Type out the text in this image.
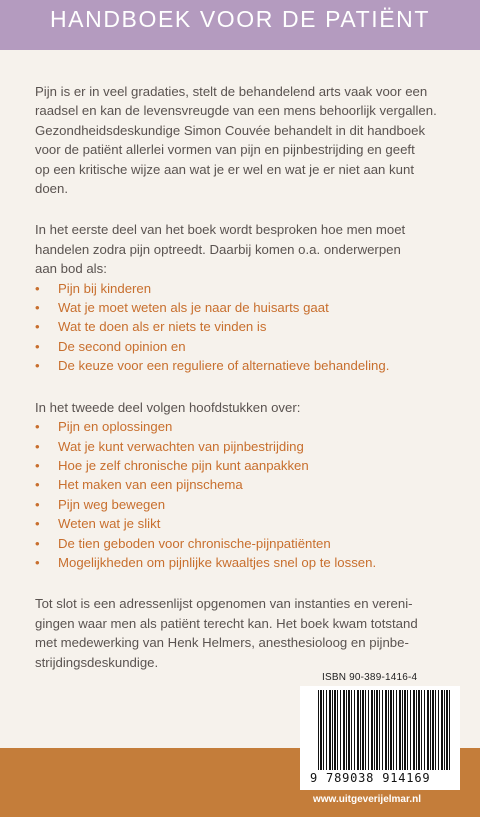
HANDBOEK VOOR DE PATIËNT
Pijn is er in veel gradaties, stelt de behandelend arts vaak voor een
raadsel en kan de levensvreugde van een mens behoorlijk vergallen.
Gezondheidsdeskundige Simon Couvée behandelt in dit handboek
voor de patiënt allerlei vormen van pijn en pijnbestrijding en geeft
op een kritische wijze aan wat je er wel en wat je er niet aan kunt
doen.
In het eerste deel van het boek wordt besproken hoe men moet
handelen zodra pijn optreedt. Daarbij komen o.a. onderwerpen
aan bod als:
• Pijn bij kinderen
• Wat je moet weten als je naar de huisarts gaat
• Wat te doen als er niets te vinden is
• De second opinion en
• De keuze voor een reguliere of alternatieve behandeling.
In het tweede deel volgen hoofdstukken over:
• Pijn en oplossingen
• Wat je kunt verwachten van pijnbestrijding
• Hoe je zelf chronische pijn kunt aanpakken
• Het maken van een pijnschema
• Pijn weg bewegen
• Weten wat je slikt
• De tien geboden voor chronische-pijnpatiënten
• Mogelijkheden om pijnlijke kwaaltjes snel op te lossen.
Tot slot is een adressenlijst opgenomen van instanties en vereni-
gingen waar men als patiënt terecht kan. Het boek kwam totstand
met medewerking van Henk Helmers, anesthesioloog en pijnbe-
strijdingsdeskundige.
ISBN 90-389-1416-4
9 789038 914169
www.uitgeverijelmar.nl
